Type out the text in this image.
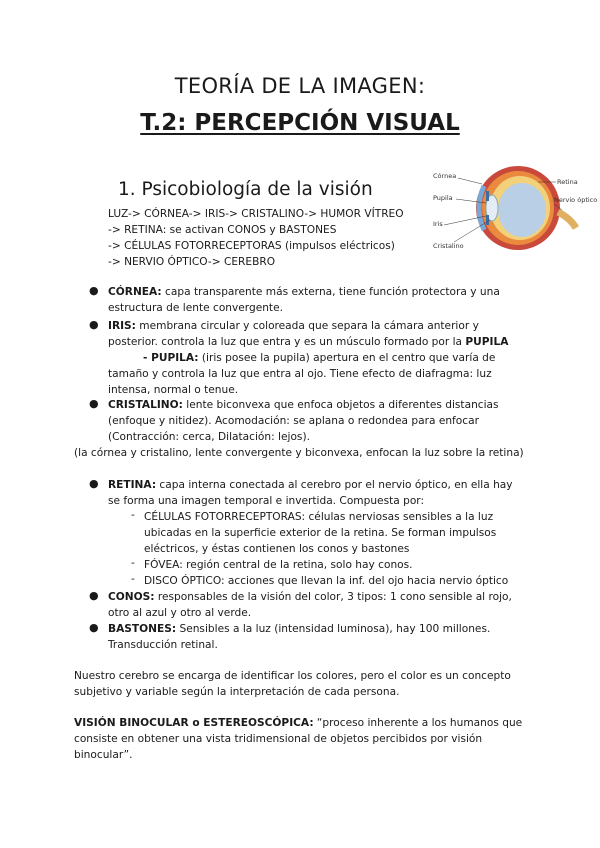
TEORÍA DE LA IMAGEN:
T.2: PERCEPCIÓN VISUAL
Córnea
Pupila
Iris
Cristalino
Retina
Nervio óptico
1. Psicobiología de la visión
LUZ-> CÓRNEA-> IRIS-> CRISTALINO-> HUMOR VÍTREO
-> RETINA: se activan CONOS y BASTONES
-> CÉLULAS FOTORRECEPTORAS (impulsos eléctricos)
-> NERVIO ÓPTICO-> CEREBRO
● CÓRNEA: capa transparente más externa, tiene función protectora y una
estructura de lente convergente.
● IRIS: membrana circular y coloreada que separa la cámara anterior y
posterior. controla la luz que entra y es un músculo formado por la PUPILA
- PUPILA: (iris posee la pupila) apertura en el centro que varía de
tamaño y controla la luz que entra al ojo. Tiene efecto de diafragma: luz
intensa, normal o tenue.
● CRISTALINO: lente biconvexa que enfoca objetos a diferentes distancias
(enfoque y nitidez). Acomodación: se aplana o redondea para enfocar
(Contracción: cerca, Dilatación: lejos).
(la córnea y cristalino, lente convergente y biconvexa, enfocan la luz sobre la retina)
● RETINA: capa interna conectada al cerebro por el nervio óptico, en ella hay
se forma una imagen temporal e invertida. Compuesta por:
- CÉLULAS FOTORRECEPTORAS: células nerviosas sensibles a la luz
ubicadas en la superficie exterior de la retina. Se forman impulsos
eléctricos, y éstas contienen los conos y bastones
- FÓVEA: región central de la retina, solo hay conos.
- DISCO ÓPTICO: acciones que llevan la inf. del ojo hacia nervio óptico
● CONOS: responsables de la visión del color, 3 tipos: 1 cono sensible al rojo,
otro al azul y otro al verde.
● BASTONES: Sensibles a la luz (intensidad luminosa), hay 100 millones.
Transducción retinal.
Nuestro cerebro se encarga de identificar los colores, pero el color es un concepto
subjetivo y variable según la interpretación de cada persona.
VISIÓN BINOCULAR o ESTEREOSCÓPICA: “proceso inherente a los humanos que
consiste en obtener una vista tridimensional de objetos percibidos por visión
binocular”.
